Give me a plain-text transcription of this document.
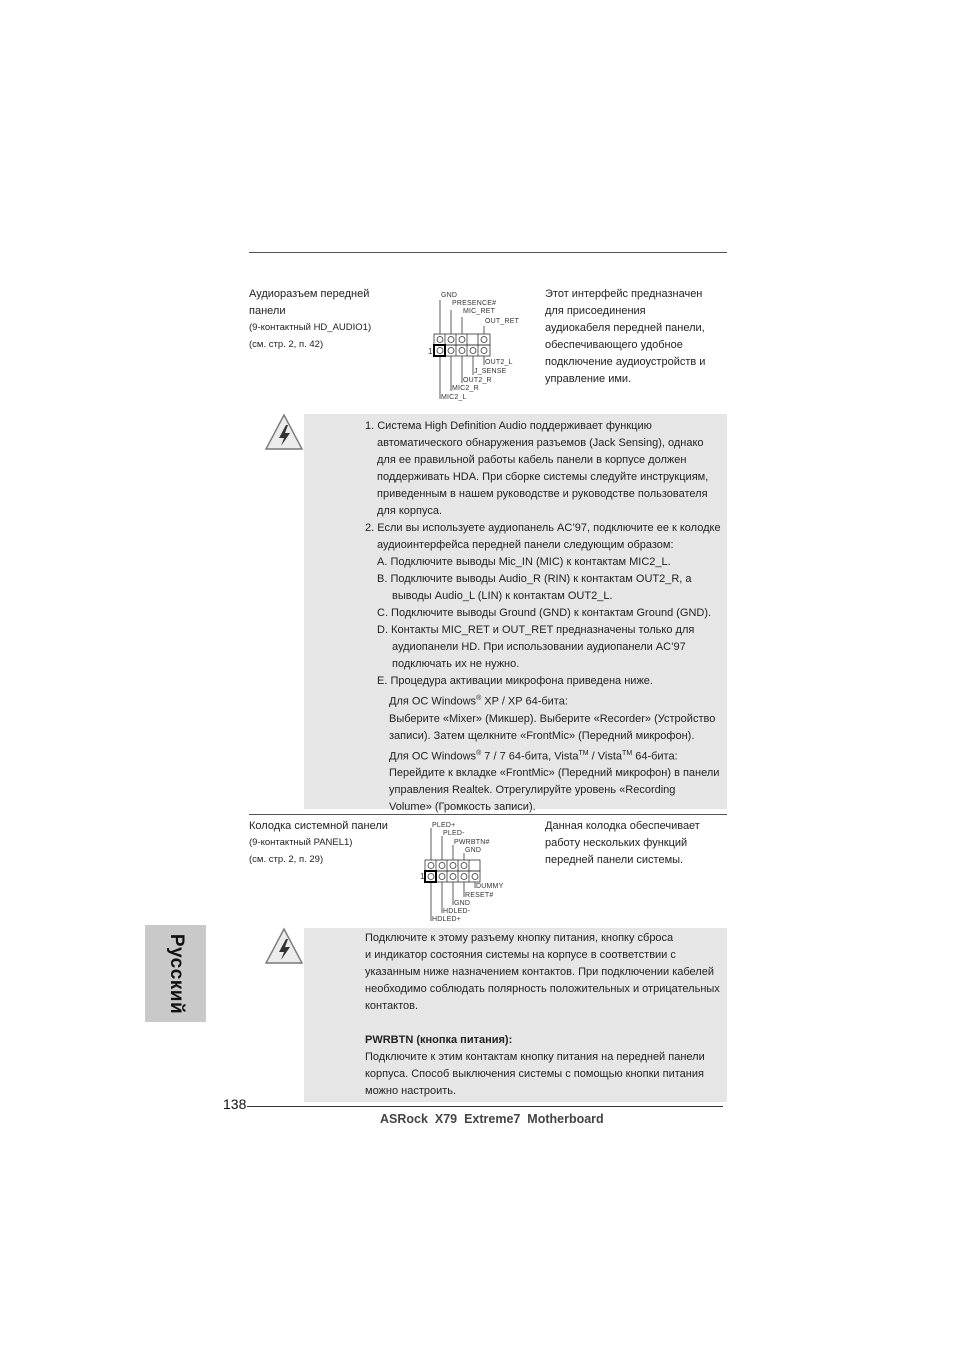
Аудиоразъем передней
панели
(9-контактный HD_AUDIO1)
(см. стр. 2, п. 42)
GND
PRESENCE#
MIC_RET
OUT_RET
1
OUT2_L
J_SENSE
OUT2_R
MIC2_R
MIC2_L
Этот интерфейс предназначен
для присоединения
аудиокабеля передней панели,
обеспечивающего удобное
подключение аудиоустройств и
управление ими.

1. Система High Definition Audio поддерживает функцию

автоматического обнаружения разъемов (Jack Sensing), однако

для ее правильной работы кабель панели в корпусе должен

поддерживать HDA. При сборке системы следуйте инструкциям,

приведенным в нашем руководстве и руководстве пользователя

для корпуса.

2. Если вы используете аудиопанель AC’97, подключите ее к колодке

аудиоинтерфейса передней панели следующим образом:

A. Подключите выводы Mic_IN (MIC) к контактам MIC2_L.

B. Подключите выводы Audio_R (RIN) к контактам OUT2_R, а

выводы Audio_L (LIN) к контактам OUT2_L.

C. Подключите выводы Ground (GND) к контактам Ground (GND).

D. Контакты MIC_RET и OUT_RET предназначены только для

аудиопанели HD. При использовании аудиопанели AC’97

подключать их не нужно.

E. Процедура активации микрофона приведена ниже.

Для ОС Windows® XP / XP 64-бита:

Выберите «Mixer» (Микшер). Выберите «Recorder» (Устройство

записи). Затем щелкните «FrontMic» (Передний микрофон).

Для ОС Windows® 7 / 7 64-бита, Vista™ / Vista™ 64-бита:

Перейдите к вкладке «FrontMic» (Передний микрофон) в панели

управления Realtek. Отрегулируйте уровень «Recording

Volume» (Громкость записи).

Колодка системной панели
(9-контактный PANEL1)
(см. стр. 2, п. 29)
PLED+
PLED-
PWRBTN#
GND
1
DUMMY
RESET#
GND
HDLED-
HDLED+
Данная колодка обеспечивает
работу нескольких функций
передней панели системы.

Подключите к этому разъему кнопку питания, кнопку сброса

и индикатор состояния системы на корпусе в соответствии с

указанным ниже назначением контактов. При подключении кабелей

необходимо соблюдать полярность положительных и отрицательных

контактов.

PWRBTN (кнопка питания):

Подключите к этим контактам кнопку питания на передней панели

корпуса. Способ выключения системы с помощью кнопки питания

можно настроить.

Русский
138
ASRock  X79  Extreme7  Motherboard
